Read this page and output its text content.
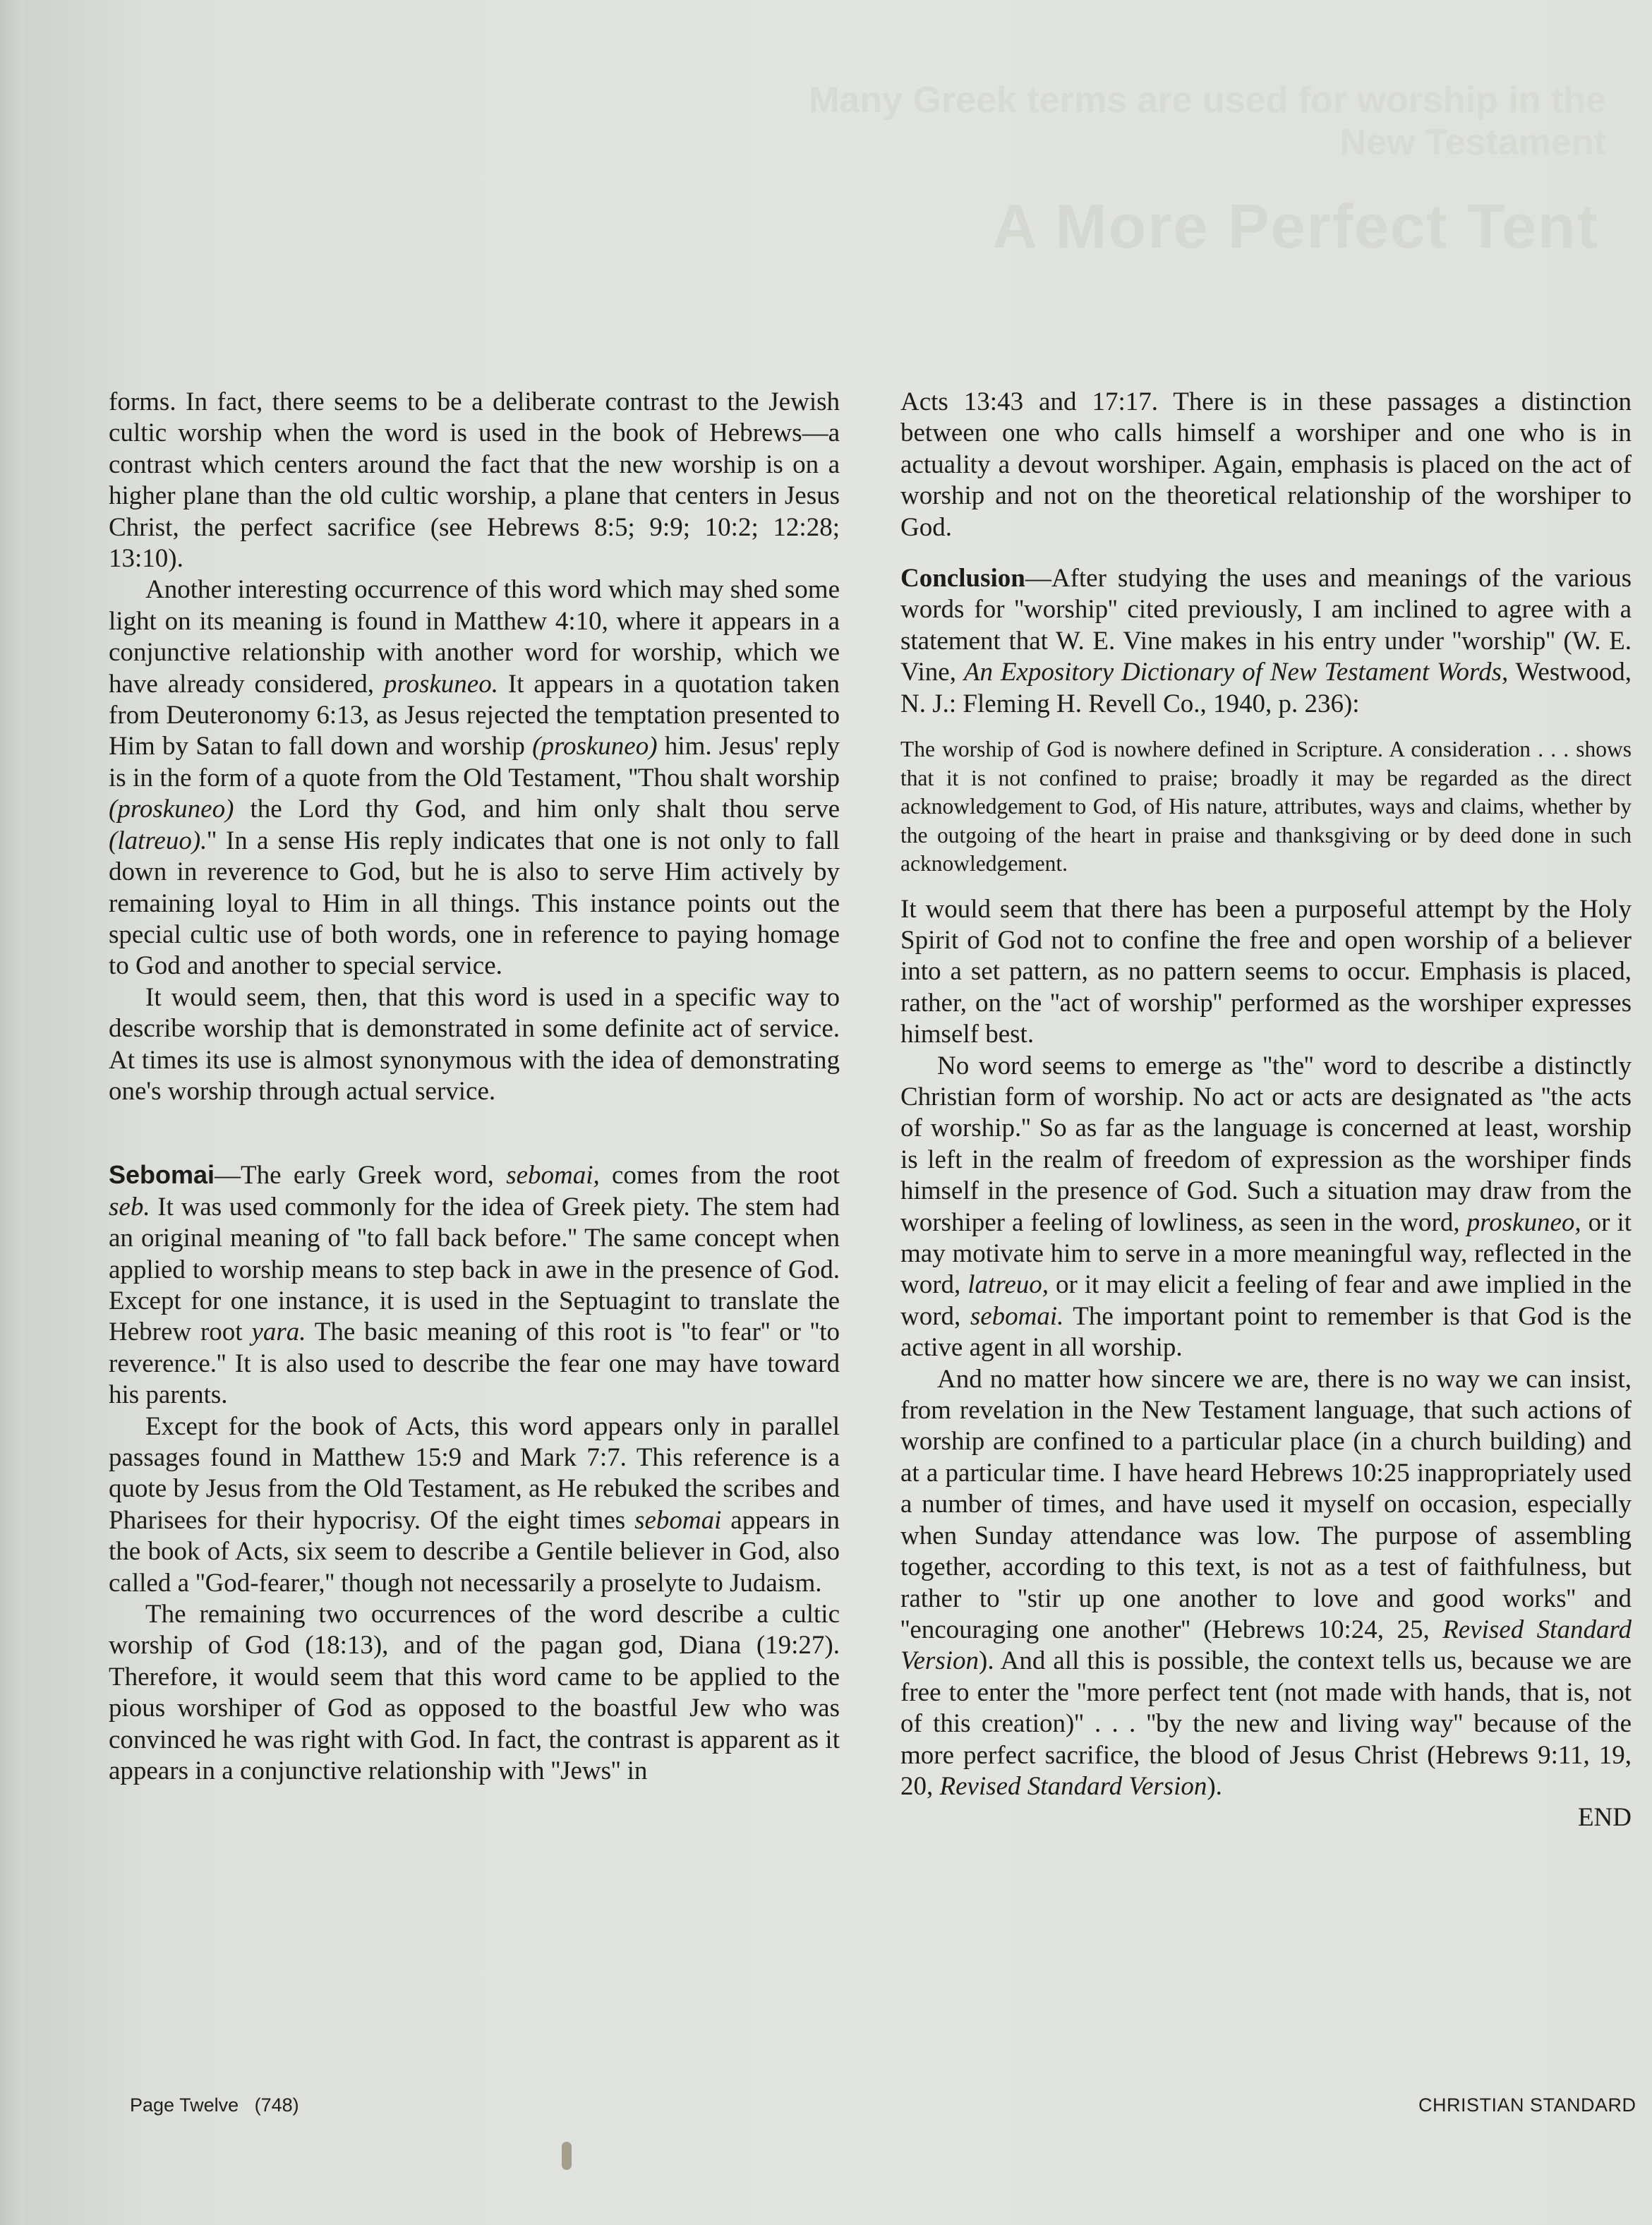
Many Greek terms are used for worship in the New Testament
A More Perfect Tent

forms. In fact, there seems to be a deliberate contrast to the Jewish cultic worship when the word is used in the book of Hebrews—a contrast which centers around the fact that the new worship is on a higher plane than the old cultic worship, a plane that centers in Jesus Christ, the perfect sacrifice (see Hebrews 8:5; 9:9; 10:2; 12:28; 13:10).

Another interesting occurrence of this word which may shed some light on its meaning is found in Matthew 4:10, where it appears in a conjunctive relationship with another word for worship, which we have already considered, proskuneo. It appears in a quotation taken from Deuteronomy 6:13, as Jesus rejected the temptation presented to Him by Satan to fall down and worship (proskuneo) him. Jesus' reply is in the form of a quote from the Old Testament, ''Thou shalt worship (proskuneo) the Lord thy God, and him only shalt thou serve (latreuo).'' In a sense His reply indicates that one is not only to fall down in reverence to God, but he is also to serve Him actively by remaining loyal to Him in all things. This instance points out the special cultic use of both words, one in reference to paying homage to God and another to special service.

It would seem, then, that this word is used in a specific way to describe worship that is demonstrated in some definite act of service. At times its use is almost synonymous with the idea of demonstrating one's worship through actual service.

Sebomai—The early Greek word, sebomai, comes from the root seb. It was used commonly for the idea of Greek piety. The stem had an original meaning of ''to fall back before.'' The same concept when applied to worship means to step back in awe in the presence of God. Except for one instance, it is used in the Septuagint to translate the Hebrew root yara. The basic meaning of this root is ''to fear'' or ''to reverence.'' It is also used to describe the fear one may have toward his parents.

Except for the book of Acts, this word appears only in parallel passages found in Matthew 15:9 and Mark 7:7. This reference is a quote by Jesus from the Old Testament, as He rebuked the scribes and Pharisees for their hypocrisy. Of the eight times sebomai appears in the book of Acts, six seem to describe a Gentile believer in God, also called a ''God-fearer,'' though not necessarily a proselyte to Judaism.

The remaining two occurrences of the word describe a cultic worship of God (18:13), and of the pagan god, Diana (19:27). Therefore, it would seem that this word came to be applied to the pious worshiper of God as opposed to the boastful Jew who was convinced he was right with God. In fact, the contrast is apparent as it appears in a conjunctive relationship with ''Jews'' in

Acts 13:43 and 17:17. There is in these passages a distinction between one who calls himself a worshiper and one who is in actuality a devout worshiper. Again, emphasis is placed on the act of worship and not on the theoretical relationship of the worshiper to God.

Conclusion—After studying the uses and meanings of the various words for ''worship'' cited previously, I am inclined to agree with a statement that W. E. Vine makes in his entry under ''worship'' (W. E. Vine, An Expository Dictionary of New Testament Words, Westwood, N. J.: Fleming H. Revell Co., 1940, p. 236):

The worship of God is nowhere defined in Scripture. A consideration . . . shows that it is not confined to praise; broadly it may be regarded as the direct acknowledgement to God, of His nature, attributes, ways and claims, whether by the outgoing of the heart in praise and thanksgiving or by deed done in such acknowledgement.

It would seem that there has been a purposeful attempt by the Holy Spirit of God not to confine the free and open worship of a believer into a set pattern, as no pattern seems to occur. Emphasis is placed, rather, on the ''act of worship'' performed as the worshiper expresses himself best.

No word seems to emerge as ''the'' word to describe a distinctly Christian form of worship. No act or acts are designated as ''the acts of worship.'' So as far as the language is concerned at least, worship is left in the realm of freedom of expression as the worshiper finds himself in the presence of God. Such a situation may draw from the worshiper a feeling of lowliness, as seen in the word, proskuneo, or it may motivate him to serve in a more meaningful way, reflected in the word, latreuo, or it may elicit a feeling of fear and awe implied in the word, sebomai. The important point to remember is that God is the active agent in all worship.

And no matter how sincere we are, there is no way we can insist, from revelation in the New Testament language, that such actions of worship are confined to a particular place (in a church building) and at a particular time. I have heard Hebrews 10:25 inappropriately used a number of times, and have used it myself on occasion, especially when Sunday attendance was low. The purpose of assembling together, according to this text, is not as a test of faithfulness, but rather to ''stir up one another to love and good works'' and ''encouraging one another'' (Hebrews 10:24, 25, Revised Standard Version). And all this is possible, the context tells us, because we are free to enter the ''more perfect tent (not made with hands, that is, not of this creation)'' . . . ''by the new and living way'' because of the more perfect sacrifice, the blood of Jesus Christ (Hebrews 9:11, 19, 20, Revised Standard Version).

END
Page Twelve   (748)	CHRISTIAN STANDARD
